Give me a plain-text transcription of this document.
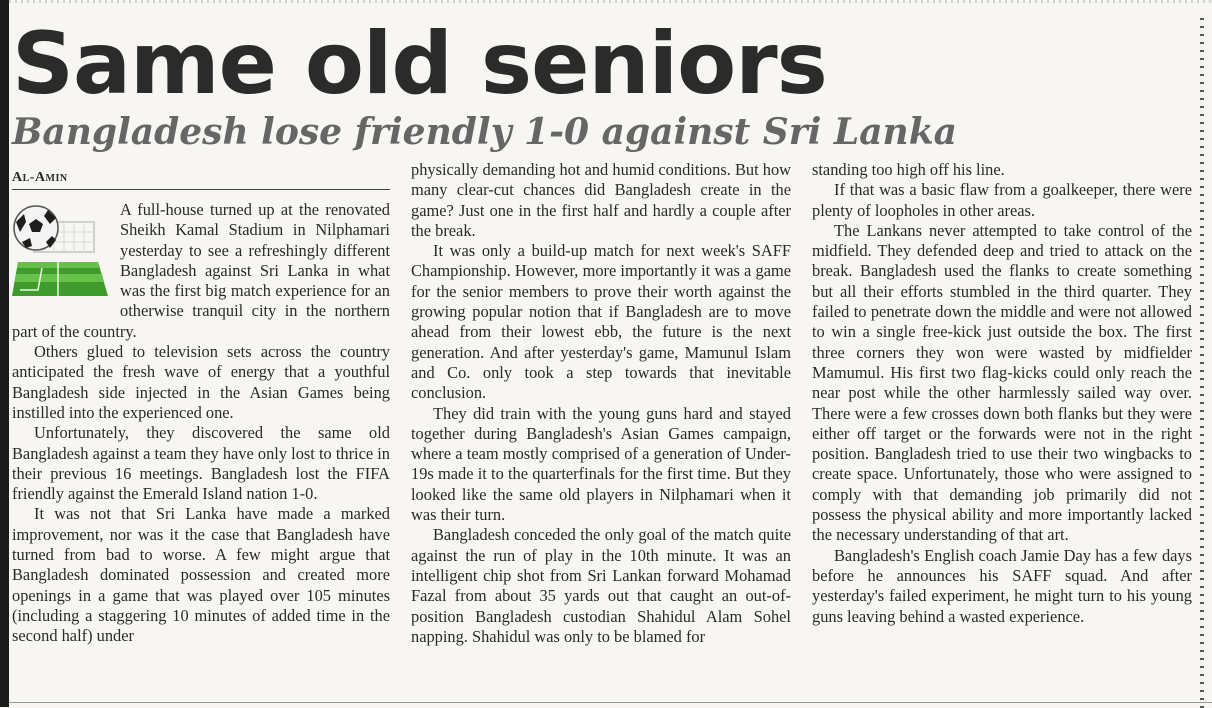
Same old seniors
Bangladesh lose friendly 1-0 against Sri Lanka
Al-Amin

A full-house turned up at the renovated Sheikh Kamal Stadium in Nilphamari yesterday to see a refreshingly different Bangladesh against Sri Lanka in what was the first big match experience for an otherwise tranquil city in the northern part of the country.

Others glued to television sets across the country anticipated the fresh wave of energy that a youthful Bangladesh side injected in the Asian Games being instilled into the experienced one.

Unfortunately, they discovered the same old Bangladesh against a team they have only lost to thrice in their previous 16 meetings. Bangladesh lost the FIFA friendly against the Emerald Island nation 1-0.

It was not that Sri Lanka have made a marked improvement, nor was it the case that Bangladesh have turned from bad to worse. A few might argue that Bangladesh dominated possession and created more openings in a game that was played over 105 minutes (including a staggering 10 minutes of added time in the second half) under

physically demanding hot and humid conditions. But how many clear-cut chances did Bangladesh create in the game? Just one in the first half and hardly a couple after the break.

It was only a build-up match for next week's SAFF Championship. However, more importantly it was a game for the senior members to prove their worth against the growing popular notion that if Bangladesh are to move ahead from their lowest ebb, the future is the next generation. And after yesterday's game, Mamunul Islam and Co. only took a step towards that inevitable conclusion.

They did train with the young guns hard and stayed together during Bangladesh's Asian Games campaign, where a team mostly comprised of a generation of Under-19s made it to the quarterfinals for the first time. But they looked like the same old players in Nilphamari when it was their turn.

Bangladesh conceded the only goal of the match quite against the run of play in the 10th minute. It was an intelligent chip shot from Sri Lankan forward Mohamad Fazal from about 35 yards out that caught an out-of-position Bangladesh custodian Shahidul Alam Sohel napping. Shahidul was only to be blamed for

standing too high off his line.

If that was a basic flaw from a goalkeeper, there were plenty of loopholes in other areas.

The Lankans never attempted to take control of the midfield. They defended deep and tried to attack on the break. Bangladesh used the flanks to create something but all their efforts stumbled in the third quarter. They failed to penetrate down the middle and were not allowed to win a single free-kick just outside the box. The first three corners they won were wasted by midfielder Mamumul. His first two flag-kicks could only reach the near post while the other harmlessly sailed way over. There were a few crosses down both flanks but they were either off target or the forwards were not in the right position. Bangladesh tried to use their two wingbacks to create space. Unfortunately, those who were assigned to comply with that demanding job primarily did not possess the physical ability and more importantly lacked the necessary understanding of that art.

Bangladesh's English coach Jamie Day has a few days before he announces his SAFF squad. And after yesterday's failed experiment, he might turn to his young guns leaving behind a wasted experience.
